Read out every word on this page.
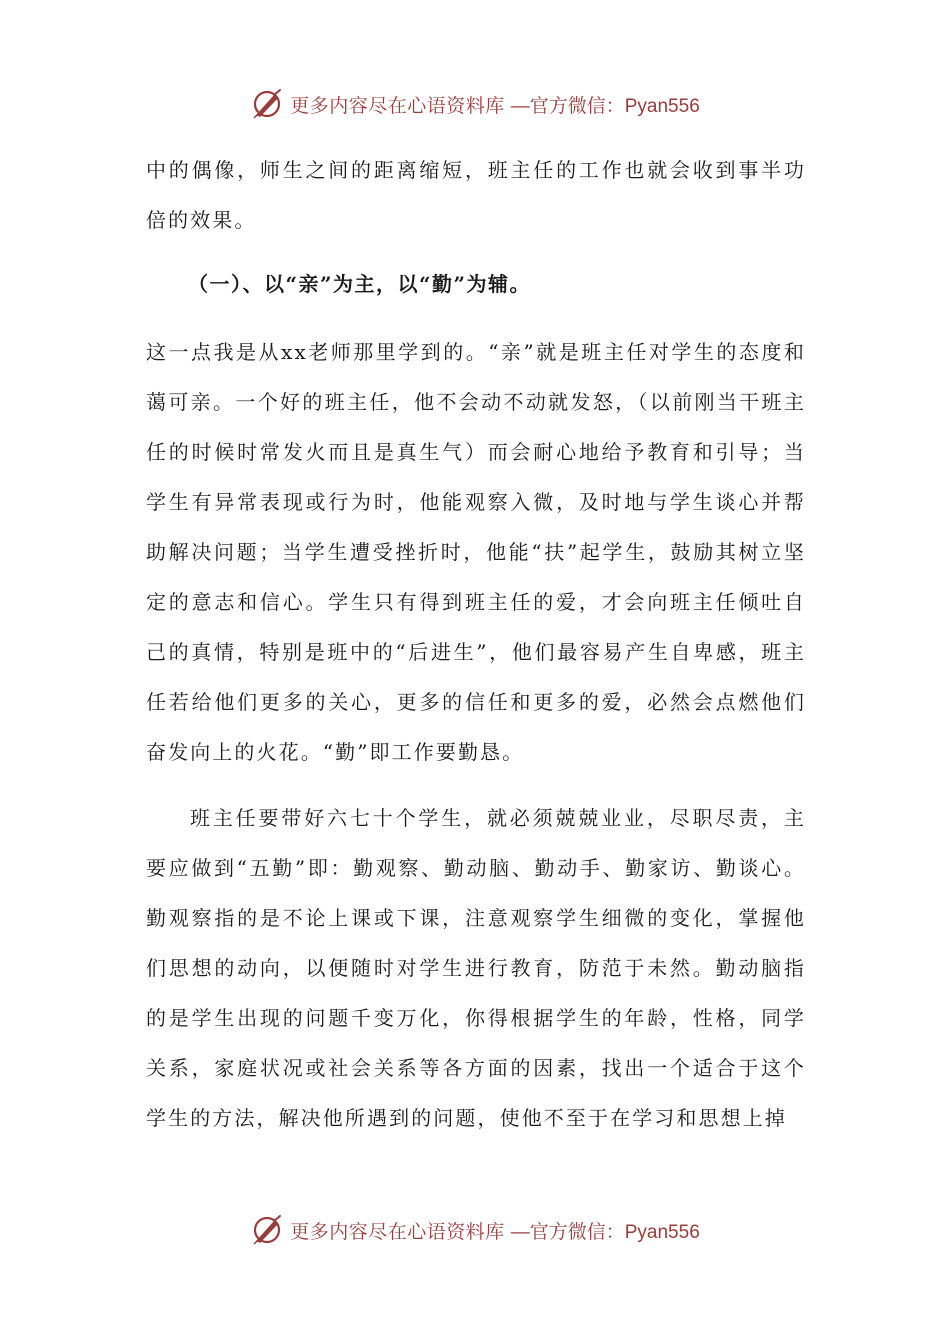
更多内容尽在心语资料库 —官方微信：Pyan556

中的偶像，师生之间的距离缩短，班主任的工作也就会收到事半功倍的效果。

（一）、以“亲”为主，以“勤”为辅。

这一点我是从xx老师那里学到的。“亲”就是班主任对学生的态度和蔼可亲。一个好的班主任，他不会动不动就发怒，（以前刚当干班主任的时候时常发火而且是真生气）而会耐心地给予教育和引导；当学生有异常表现或行为时，他能观察入微，及时地与学生谈心并帮助解决问题；当学生遭受挫折时，他能“扶”起学生，鼓励其树立坚定的意志和信心。学生只有得到班主任的爱，才会向班主任倾吐自己的真情，特别是班中的“后进生”，他们最容易产生自卑感，班主任若给他们更多的关心，更多的信任和更多的爱，必然会点燃他们奋发向上的火花。“勤”即工作要勤恳。

班主任要带好六七十个学生，就必须兢兢业业，尽职尽责，主要应做到“五勤”即：勤观察、勤动脑、勤动手、勤家访、勤谈心。勤观察指的是不论上课或下课，注意观察学生细微的变化，掌握他们思想的动向，以便随时对学生进行教育，防范于未然。勤动脑指的是学生出现的问题千变万化，你得根据学生的年龄，性格，同学关系，家庭状况或社会关系等各方面的因素，找出一个适合于这个学生的方法，解决他所遇到的问题，使他不至于在学习和思想上掉

更多内容尽在心语资料库 —官方微信：Pyan556
